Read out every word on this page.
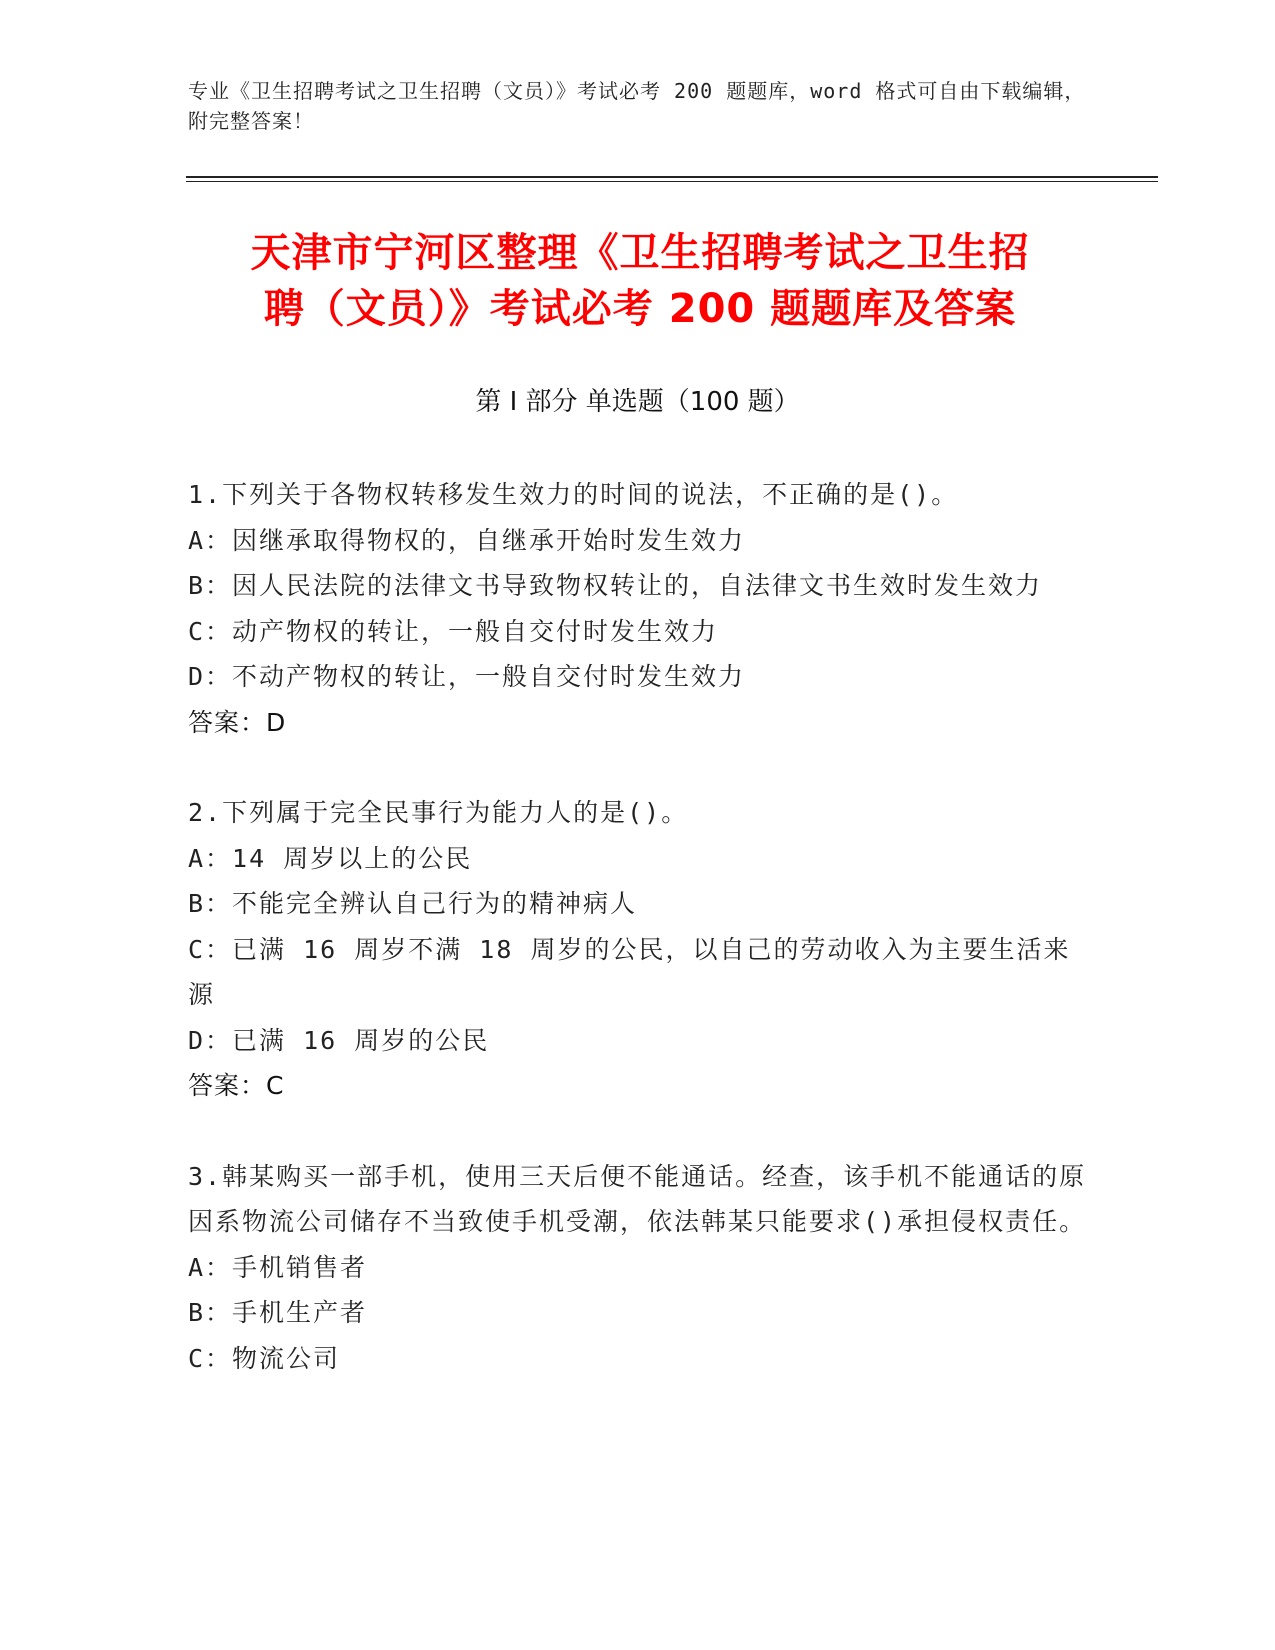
专业《卫生招聘考试之卫生招聘（文员）》考试必考 200 题题库，word 格式可自由下载编辑，附完整答案！
天津市宁河区整理《卫生招聘考试之卫生招
聘（文员）》考试必考 200 题题库及答案
第 I 部分 单选题（100 题）
1.下列关于各物权转移发生效力的时间的说法，不正确的是()。
A：因继承取得物权的，自继承开始时发生效力
B：因人民法院的法律文书导致物权转让的，自法律文书生效时发生效力
C：动产物权的转让，一般自交付时发生效力
D：不动产物权的转让，一般自交付时发生效力
答案：D
2.下列属于完全民事行为能力人的是()。
A：14 周岁以上的公民
B：不能完全辨认自己行为的精神病人
C：已满 16 周岁不满 18 周岁的公民，以自己的劳动收入为主要生活来源
D：已满 16 周岁的公民
答案：C
3.韩某购买一部手机，使用三天后便不能通话。经查，该手机不能通话的原因系物流公司储存不当致使手机受潮，依法韩某只能要求()承担侵权责任。
A：手机销售者
B：手机生产者
C：物流公司
